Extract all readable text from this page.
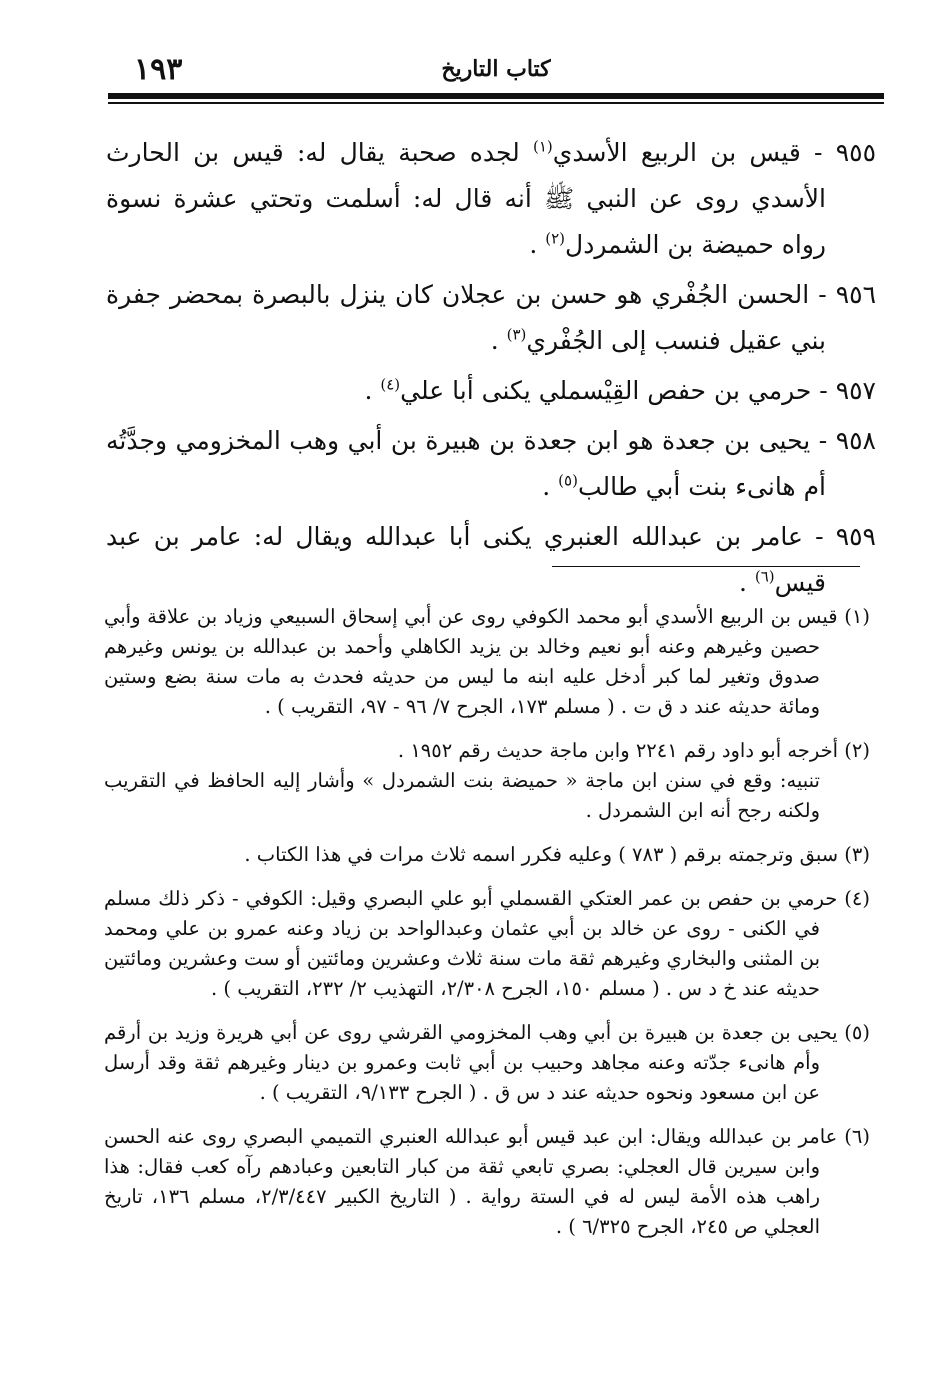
١٩٣	كتاب التاريخ

٩٥٥ - قيس بن الربيع الأسدي$^{(١)}$ لجده صحبة يقال له: قيس بن الحارث الأسدي روى عن النبي ﷺ أنه قال له: أسلمت وتحتي عشرة نسوة رواه حميضة بن الشمردل$^{(٢)}$ .

٩٥٦ - الحسن الجُفْري هو حسن بن عجلان كان ينزل بالبصرة بمحضر جفرة بني عقيل فنسب إلى الجُفْري$^{(٣)}$ .

٩٥٧ - حرمي بن حفص القِيْسملي يكنى أبا علي$^{(٤)}$ .

٩٥٨ - يحيى بن جعدة هو ابن جعدة بن هبيرة بن أبي وهب المخزومي وجدَّتُه أم هانىء بنت أبي طالب$^{(٥)}$ .

٩٥٩ - عامر بن عبدالله العنبري يكنى أبا عبدالله ويقال له: عامر بن عبد قيس$^{(٦)}$ .

(١) قيس بن الربيع الأسدي أبو محمد الكوفي روى عن أبي إسحاق السبيعي وزياد بن علاقة وأبي حصين وغيرهم وعنه أبو نعيم وخالد بن يزيد الكاهلي وأحمد بن عبدالله بن يونس وغيرهم صدوق وتغير لما كبر أدخل عليه ابنه ما ليس من حديثه فحدث به مات سنة بضع وستين ومائة حديثه عند د ق ت . ( مسلم ١٧٣، الجرح ٧/ ٩٦ - ٩٧، التقريب ) .
(٢) أخرجه أبو داود رقم ٢٢٤١ وابن ماجة حديث رقم ١٩٥٢ .
تنبيه: وقع في سنن ابن ماجة « حميضة بنت الشمردل » وأشار إليه الحافظ في التقريب ولكنه رجح أنه ابن الشمردل .
(٣) سبق وترجمته برقم ( ٧٨٣ ) وعليه فكرر اسمه ثلاث مرات في هذا الكتاب .
(٤) حرمي بن حفص بن عمر العتكي القسملي أبو علي البصري وقيل: الكوفي - ذكر ذلك مسلم في الكنى - روى عن خالد بن أبي عثمان وعبدالواحد بن زياد وعنه عمرو بن علي ومحمد بن المثنى والبخاري وغيرهم ثقة مات سنة ثلاث وعشرين ومائتين أو ست وعشرين ومائتين حديثه عند خ د س . ( مسلم ١٥٠، الجرح ٢/٣٠٨، التهذيب ٢/ ٢٣٢، التقريب ) .
(٥) يحيى بن جعدة بن هبيرة بن أبي وهب المخزومي القرشي روى عن أبي هريرة وزيد بن أرقم وأم هانىء جدّته وعنه مجاهد وحبيب بن أبي ثابت وعمرو بن دينار وغيرهم ثقة وقد أرسل عن ابن مسعود ونحوه حديثه عند د س ق . ( الجرح ٩/١٣٣، التقريب ) .
(٦) عامر بن عبدالله ويقال: ابن عبد قيس أبو عبدالله العنبري التميمي البصري روى عنه الحسن وابن سيرين قال العجلي: بصري تابعي ثقة من كبار التابعين وعبادهم رآه كعب فقال: هذا راهب هذه الأمة ليس له في الستة رواية . ( التاريخ الكبير ٢/٣/٤٤٧، مسلم ١٣٦، تاريخ العجلي ص ٢٤٥، الجرح ٦/٣٢٥ ) .
